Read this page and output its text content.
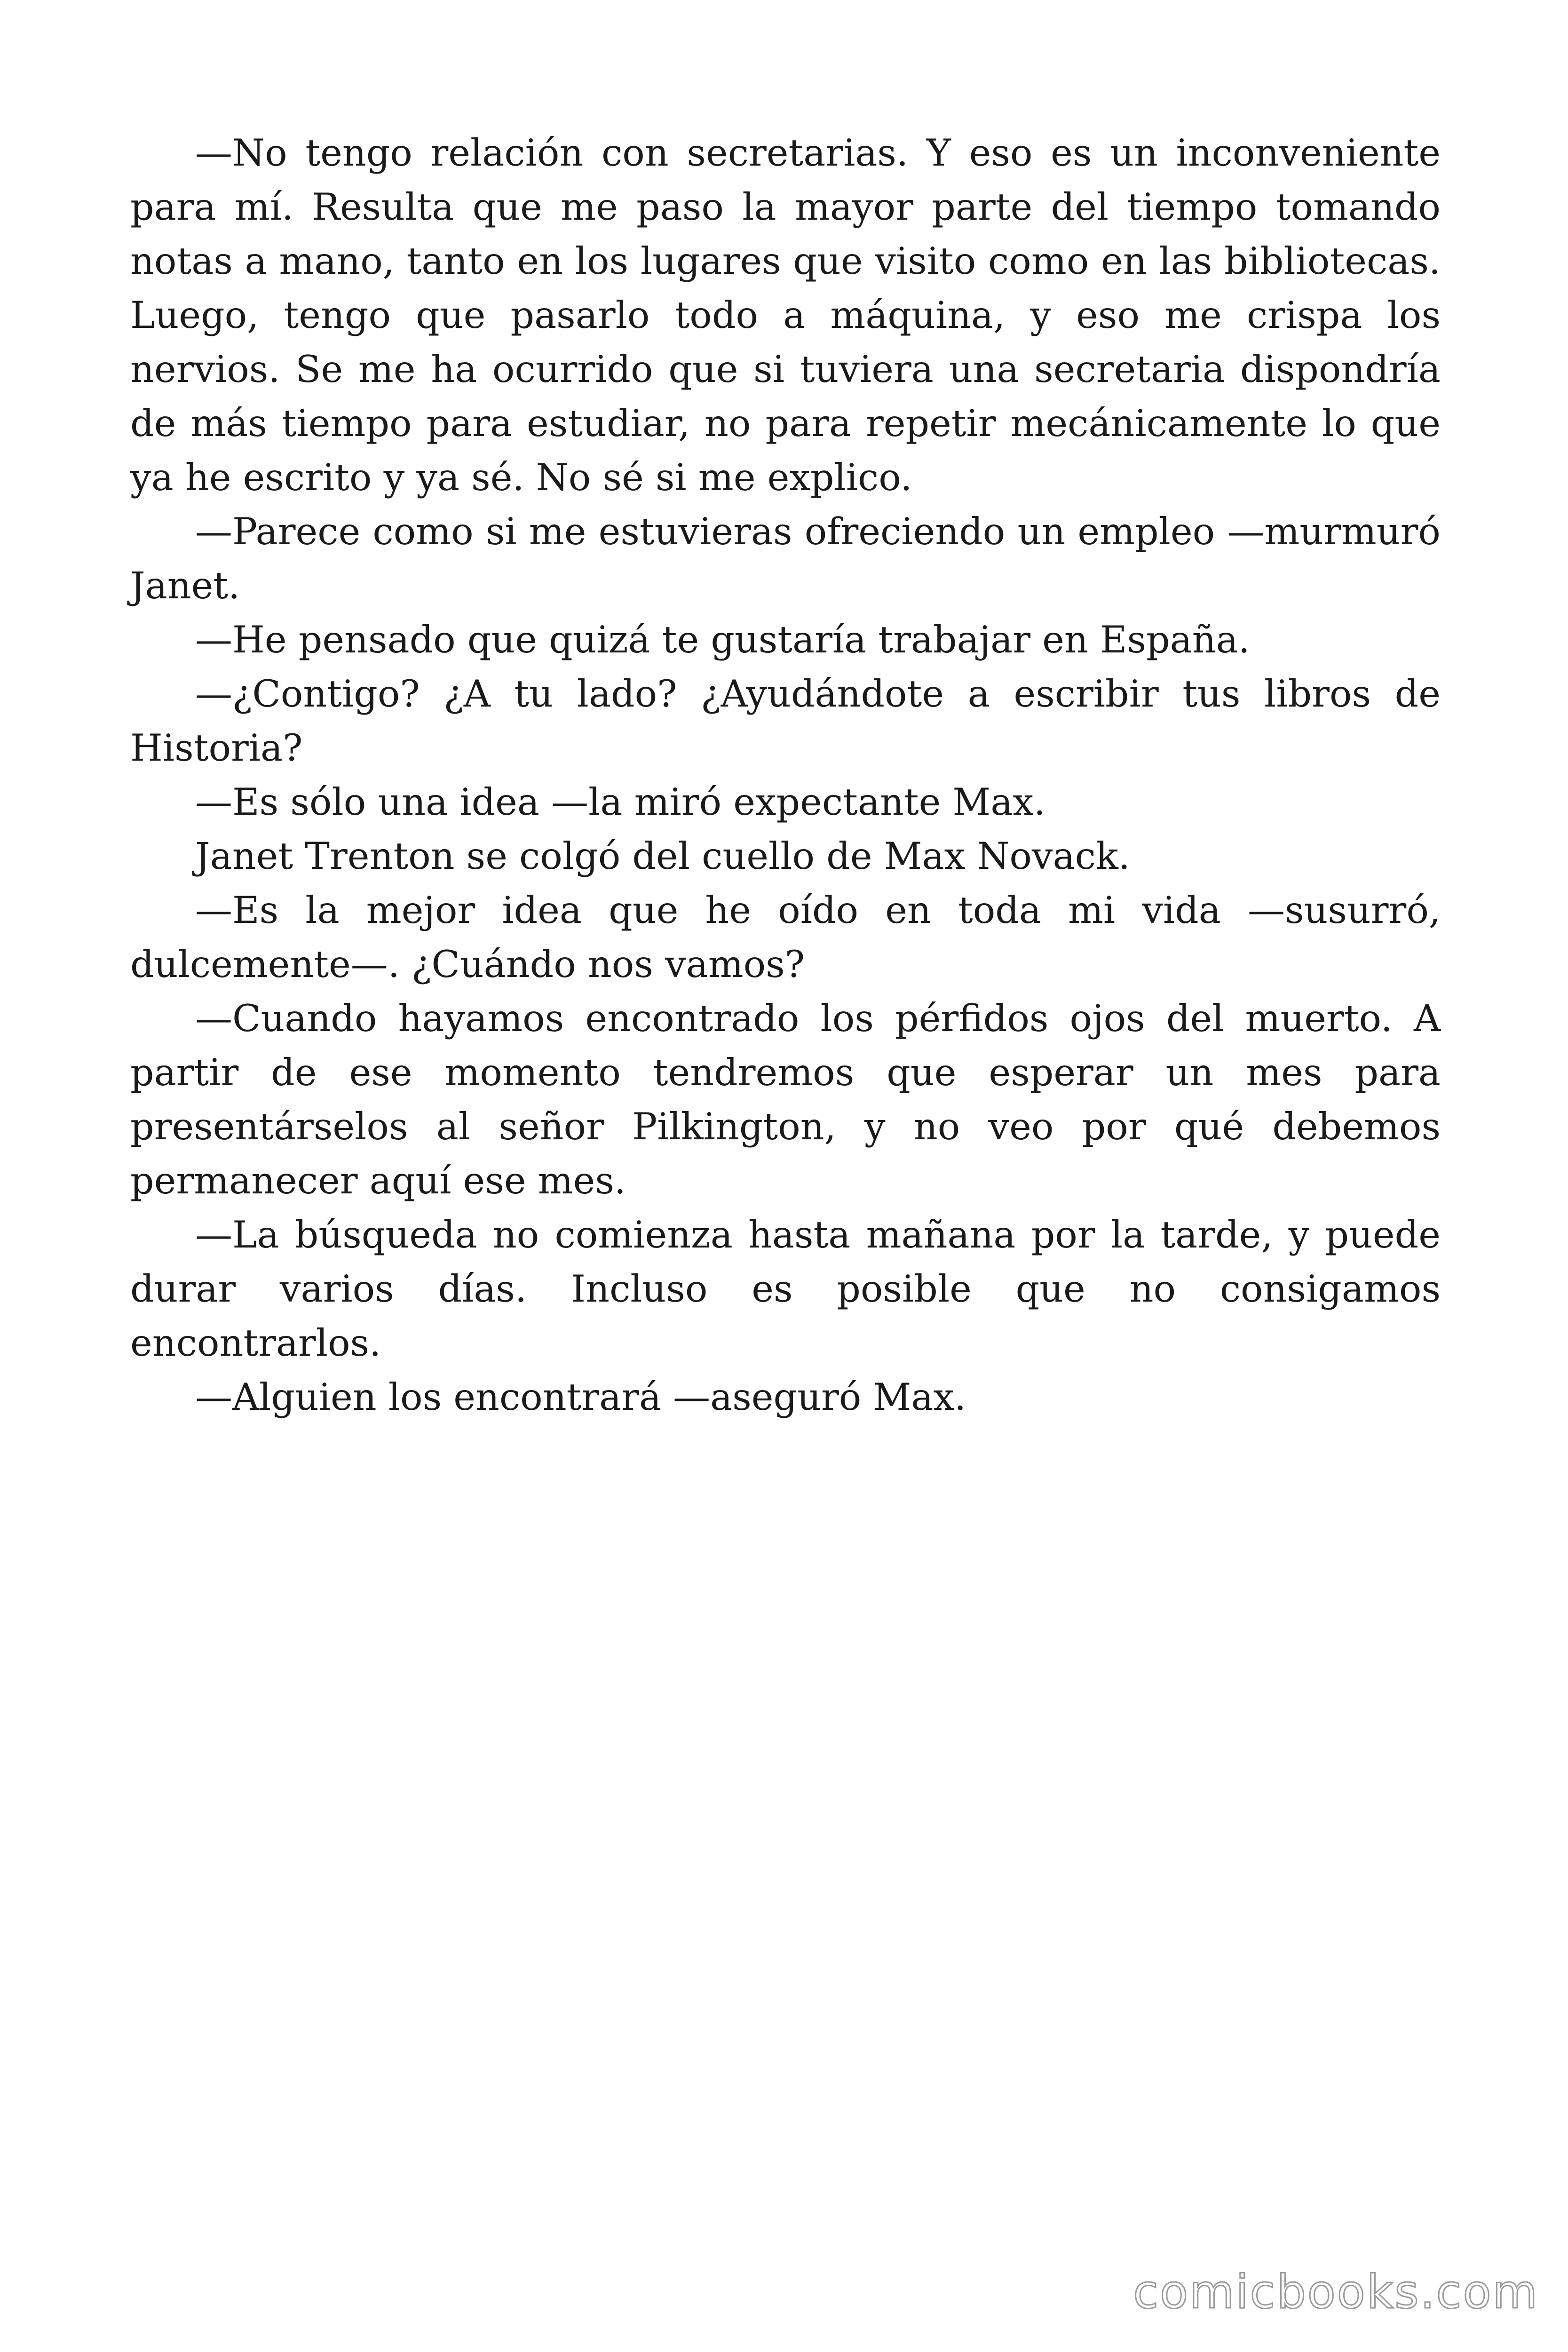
—No tengo relación con secretarias. Y eso es un inconveniente para mí. Resulta que me paso la mayor parte del tiempo tomando notas a mano, tanto en los lugares que visito como en las bibliotecas. Luego, tengo que pasarlo todo a máquina, y eso me crispa los nervios. Se me ha ocurrido que si tuviera una secretaria dispondría de más tiempo para estudiar, no para repetir mecánicamente lo que ya he escrito y ya sé. No sé si me explico.

—Parece como si me estuvieras ofreciendo un empleo —murmuró Janet.

—He pensado que quizá te gustaría trabajar en España.

—¿Contigo? ¿A tu lado? ¿Ayudándote a escribir tus libros de Historia?

—Es sólo una idea —la miró expectante Max.

Janet Trenton se colgó del cuello de Max Novack.

—Es la mejor idea que he oído en toda mi vida —susurró, dulcemente—. ¿Cuándo nos vamos?

—Cuando hayamos encontrado los pérfidos ojos del muerto. A partir de ese momento tendremos que esperar un mes para presentárselos al señor Pilkington, y no veo por qué debemos permanecer aquí ese mes.

—La búsqueda no comienza hasta mañana por la tarde, y puede durar varios días. Incluso es posible que no consigamos encontrarlos.

—Alguien los encontrará —aseguró Max.

comicbooks.com
